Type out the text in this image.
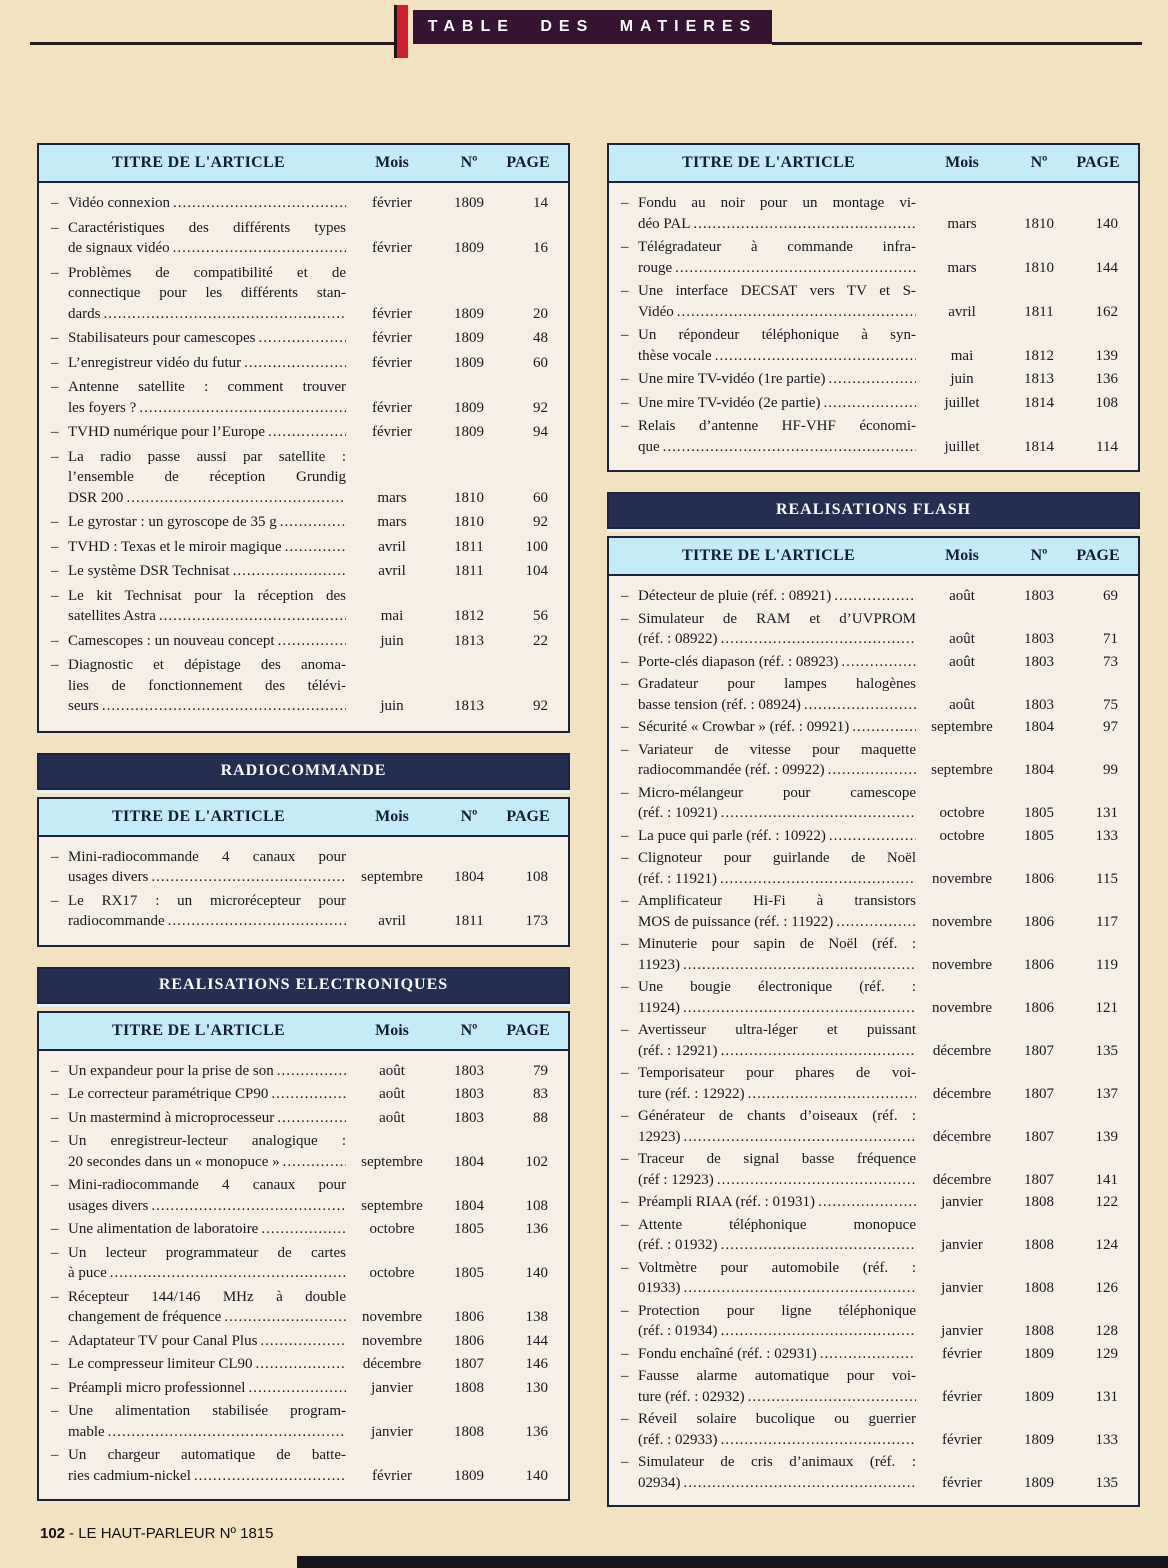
TABLE DES MATIERES
TITRE DE L'ARTICLE	Mois	Nº	PAGE
– Vidéo connexion .....	février	1809	14
– Caractéristiques des différents types
de signaux vidéo .....	février	1809	16
– Problèmes de compatibilité et de
connectique pour les différents stan-
dards .....	février	1809	20
– Stabilisateurs pour camescopes .....	février	1809	48
– L’enregistreur vidéo du futur .....	février	1809	60
– Antenne satellite : comment trouver
les foyers ? .....	février	1809	92
– TVHD numérique pour l’Europe .....	février	1809	94
– La radio passe aussi par satellite :
l’ensemble de réception Grundig
DSR 200 .....	mars	1810	60
– Le gyrostar : un gyroscope de 35 g .....	mars	1810	92
– TVHD : Texas et le miroir magique .....	avril	1811	100
– Le système DSR Technisat .....	avril	1811	104
– Le kit Technisat pour la réception des
satellites Astra .....	mai	1812	56
– Camescopes : un nouveau concept .....	juin	1813	22
– Diagnostic et dépistage des anoma-
lies de fonctionnement des télévi-
seurs .....	juin	1813	92
RADIOCOMMANDE
TITRE DE L'ARTICLE	Mois	Nº	PAGE
– Mini-radiocommande 4 canaux pour
usages divers .....	septembre	1804	108
– Le RX17 : un microrécepteur pour
radiocommande .....	avril	1811	173
REALISATIONS ELECTRONIQUES
TITRE DE L'ARTICLE	Mois	Nº	PAGE
– Un expandeur pour la prise de son .....	août	1803	79
– Le correcteur paramétrique CP90 .....	août	1803	83
– Un mastermind à microprocesseur .....	août	1803	88
– Un enregistreur-lecteur analogique :
20 secondes dans un « monopuce » .....	septembre	1804	102
– Mini-radiocommande 4 canaux pour
usages divers .....	septembre	1804	108
– Une alimentation de laboratoire .....	octobre	1805	136
– Un lecteur programmateur de cartes
à puce .....	octobre	1805	140
– Récepteur 144/146 MHz à double
changement de fréquence .....	novembre	1806	138
– Adaptateur TV pour Canal Plus .....	novembre	1806	144
– Le compresseur limiteur CL90 .....	décembre	1807	146
– Préampli micro professionnel .....	janvier	1808	130
– Une alimentation stabilisée program-
mable .....	janvier	1808	136
– Un chargeur automatique de batte-
ries cadmium-nickel .....	février	1809	140
TITRE DE L'ARTICLE	Mois	Nº	PAGE
– Fondu au noir pour un montage vi-
déo PAL .....	mars	1810	140
– Télégradateur à commande infra-
rouge .....	mars	1810	144
– Une interface DECSAT vers TV et S-
Vidéo .....	avril	1811	162
– Un répondeur téléphonique à syn-
thèse vocale .....	mai	1812	139
– Une mire TV-vidéo (1re partie) .....	juin	1813	136
– Une mire TV-vidéo (2e partie) .....	juillet	1814	108
– Relais d’antenne HF-VHF économi-
que .....	juillet	1814	114
REALISATIONS FLASH
TITRE DE L'ARTICLE	Mois	Nº	PAGE
– Détecteur de pluie (réf. : 08921) .....	août	1803	69
– Simulateur de RAM et d’UVPROM
(réf. : 08922) .....	août	1803	71
– Porte-clés diapason (réf. : 08923) .....	août	1803	73
– Gradateur pour lampes halogènes
basse tension (réf. : 08924) .....	août	1803	75
– Sécurité « Crowbar » (réf. : 09921) .....	septembre	1804	97
– Variateur de vitesse pour maquette
radiocommandée (réf. : 09922) .....	septembre	1804	99
– Micro-mélangeur pour camescope
(réf. : 10921) .....	octobre	1805	131
– La puce qui parle (réf. : 10922) .....	octobre	1805	133
– Clignoteur pour guirlande de Noël
(réf. : 11921) .....	novembre	1806	115
– Amplificateur Hi-Fi à transistors
MOS de puissance (réf. : 11922) .....	novembre	1806	117
– Minuterie pour sapin de Noël (réf. :
11923) .....	novembre	1806	119
– Une bougie électronique (réf. :
11924) .....	novembre	1806	121
– Avertisseur ultra-léger et puissant
(réf. : 12921) .....	décembre	1807	135
– Temporisateur pour phares de voi-
ture (réf. : 12922) .....	décembre	1807	137
– Générateur de chants d’oiseaux (réf. :
12923) .....	décembre	1807	139
– Traceur de signal basse fréquence
(réf : 12923) .....	décembre	1807	141
– Préampli RIAA (réf. : 01931) .....	janvier	1808	122
– Attente téléphonique monopuce
(réf. : 01932) .....	janvier	1808	124
– Voltmètre pour automobile (réf. :
01933) .....	janvier	1808	126
– Protection pour ligne téléphonique
(réf. : 01934) .....	janvier	1808	128
– Fondu enchaîné (réf. : 02931) .....	février	1809	129
– Fausse alarme automatique pour voi-
ture (réf. : 02932) .....	février	1809	131
– Réveil solaire bucolique ou guerrier
(réf. : 02933) .....	février	1809	133
– Simulateur de cris d’animaux (réf. :
02934) .....	février	1809	135
102 - LE HAUT-PARLEUR Nº 1815
